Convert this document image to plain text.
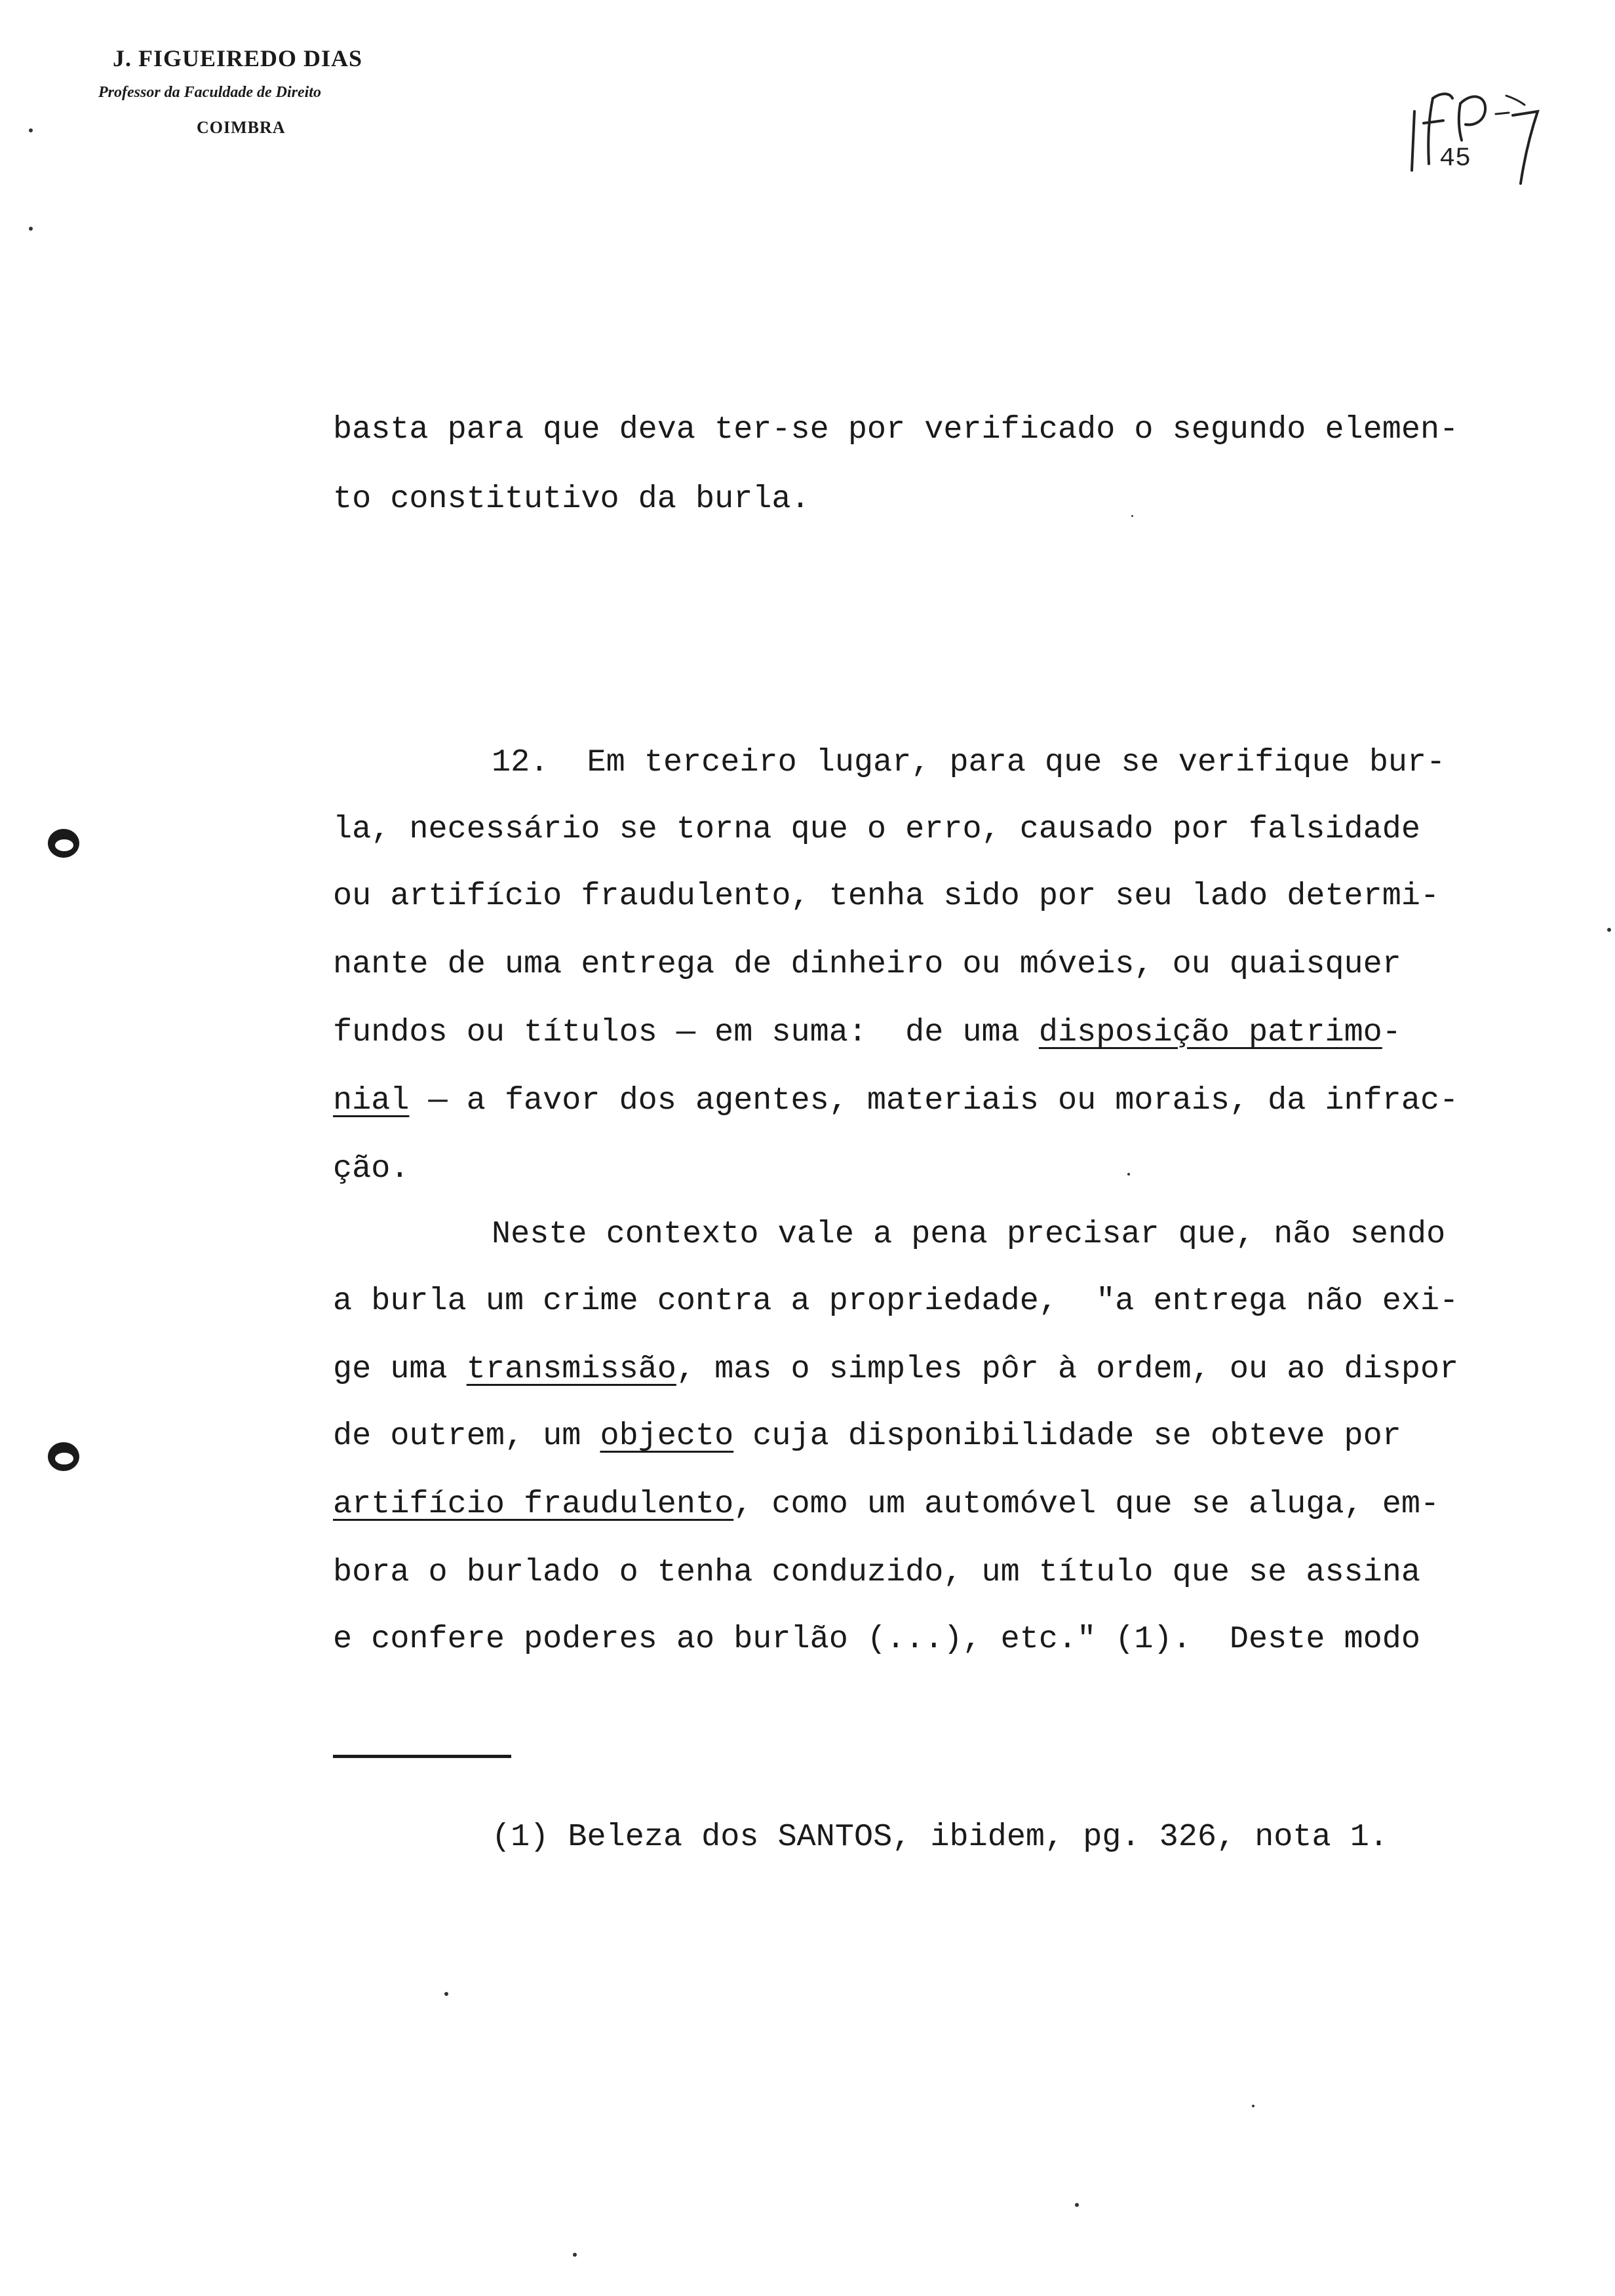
J. FIGUEIREDO DIAS
Professor da Faculdade de Direito
COIMBRA
45
basta para que deva ter-se por verificado o segundo elemen-
to constitutivo da burla.
12.  Em terceiro lugar, para que se verifique bur-
la, necessário se torna que o erro, causado por falsidade
ou artifício fraudulento, tenha sido por seu lado determi-
nante de uma entrega de dinheiro ou móveis, ou quaisquer
fundos ou títulos — em suma:  de uma disposição patrimo-
nial — a favor dos agentes, materiais ou morais, da infrac-
ção.
Neste contexto vale a pena precisar que, não sendo
a burla um crime contra a propriedade,  "a entrega não exi-
ge uma transmissão, mas o simples pôr à ordem, ou ao dispor
de outrem, um objecto cuja disponibilidade se obteve por
artifício fraudulento, como um automóvel que se aluga, em-
bora o burlado o tenha conduzido, um título que se assina
e confere poderes ao burlão (...), etc." (1).  Deste modo
(1) Beleza dos SANTOS, ibidem, pg. 326, nota 1.
